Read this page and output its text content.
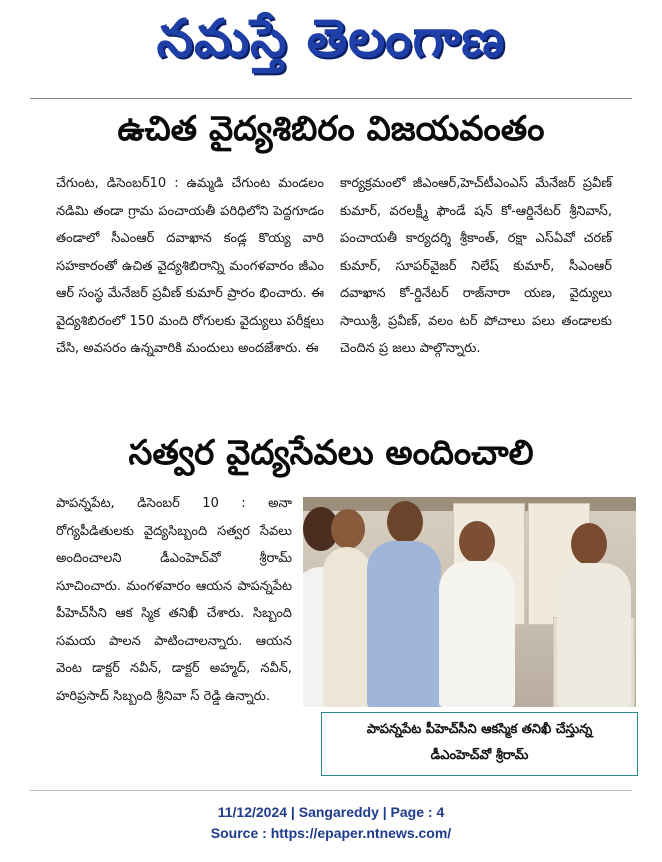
నమస్తే తెలంగాణ
ఉచిత వైద్యశిబిరం విజయవంతం

చేగుంట, డిసెంబర్‌10 : ఉమ్మడి చేగుంట మండలం నడిమి తండా గ్రామ పంచాయతీ పరిధిలోని పెద్దగూడం తండాలో సీఎంఆర్‌ దవాఖాన కండ్ల కొయ్య వారి సహకారంతో ఉచిత వైద్యశిబిరాన్ని మంగళవారం జీఎం ఆర్‌ సంస్థ మేనేజర్‌ ప్రవీణ్‌ కుమార్‌ ప్రారం భించారు. ఈ వైద్యశిబిరంలో 150 మంది రోగులకు వైద్యులు పరీక్షలు చేసి, అవసరం ఉన్నవారికి మందులు అందజేశారు. ఈ

కార్యక్రమంలో జీఎంఆర్‌,హెచ్‌టీఎంఎస్‌ మేనేజర్‌ ప్రవీణ్‌ కుమార్‌, వరలక్ష్మీ ఫౌండే షన్‌ కో-ఆర్డినేటర్‌ శ్రీనివాస్‌, పంచాయతీ కార్యదర్శి శ్రీకాంత్‌, రక్షా ఎస్‌ఏవో చరణ్‌ కుమార్‌, సూపర్‌వైజర్‌ నిలేష్‌ కుమార్‌, సీఎంఆర్‌ దవాఖాన కో-ర్డినేటర్‌ రాజ్‌నారా యణ, వైద్యులు సాయిశ్రీ, ప్రవీణ్‌, వలం టర్‌ పోచాలు పలు తండాలకు చెందిన ప్ర జలు పాల్గొన్నారు.

సత్వర వైద్యసేవలు అందించాలి

పాపన్నపేట, డిసెంబర్‌ 10 : అనా రోగ్యపీడితులకు వైద్యసిబ్బంది సత్వర సేవలు అందించాలని డీఎంహెచ్‌వో శ్రీరామ్‌ సూచించారు. మంగళవారం ఆయన పాపన్నపేట పీహెచ్‌సీని ఆక స్మిక తనిఖీ చేశారు. సిబ్బంది సమయ పాలన పాటించాలన్నారు. ఆయన వెంట డాక్టర్‌ నవీన్‌, డాక్టర్‌ అహ్మద్‌, నవీన్‌, హరిప్రసాద్‌ సిబ్బంది శ్రీనివా స్‌ రెడ్డి ఉన్నారు.

పాపన్నపేట పీహెచ్‌సీని ఆకస్మిక తనిఖీ చేస్తున్న
డీఎంహెచ్‌వో శ్రీరామ్‌
11/12/2024 | Sangareddy | Page : 4
Source : https://epaper.ntnews.com/
